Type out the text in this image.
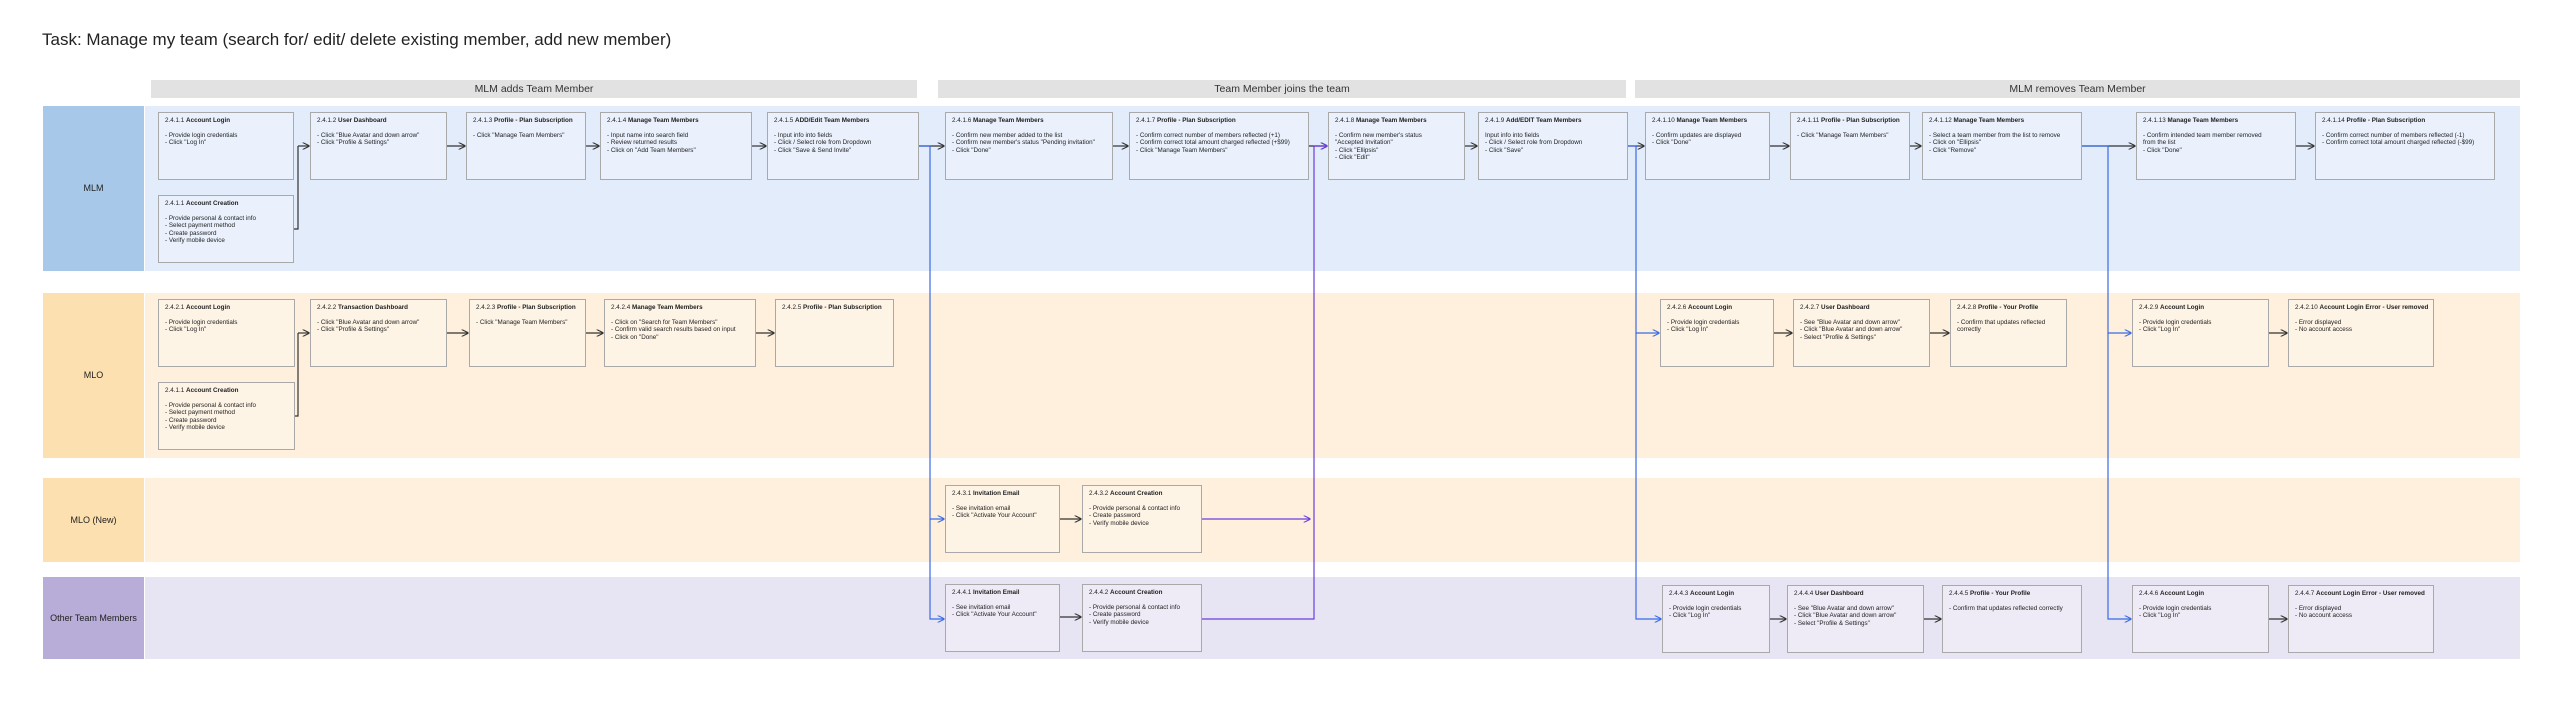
Task: Manage my team (search for/ edit/ delete existing member, add new member)
MLM adds Team Member	Team Member joins the team	MLM removes Team Member
MLM
MLO
MLO (New)
Other Team Members
2.4.1.1 Account Login
- Provide login credentials
- Click "Log In"
2.4.1.1 Account Creation
- Provide personal & contact info
- Select payment method
- Create password
- Verify mobile device
2.4.1.2 User Dashboard
- Click "Blue Avatar and down arrow"
- Click "Profile & Settings"
2.4.1.3 Profile - Plan Subscription
- Click "Manage Team Members"
2.4.1.4 Manage Team Members
- Input name into search field
- Review returned results
- Click on "Add Team Members"
2.4.1.5 ADD/Edit Team Members
- Input info into fields
- Click / Select role from Dropdown
- Click "Save & Send Invite"
2.4.1.6 Manage Team Members
- Confirm new member added to the list
- Confirm new member's status "Pending invitation"
- Click "Done"
2.4.1.7 Profile - Plan Subscription
- Confirm correct number of members reflected (+1)
- Confirm correct total amount charged reflected (+$99)
- Click "Manage Team Members"
2.4.1.8 Manage Team Members
- Confirm new member's status
"Accepted Invitation"
- Click "Ellipsis"
- Click "Edit"
2.4.1.9 Add/EDIT Team Members
Input info into fields
- Click / Select role from Dropdown
- Click "Save"
2.4.1.10 Manage Team Members
- Confirm updates are displayed
- Click "Done"
2.4.1.11 Profile - Plan Subscription
- Click "Manage Team Members"
2.4.1.12 Manage Team Members
- Select a team member from the list to remove
- Click on "Ellipsis"
- Click "Remove"
2.4.1.13 Manage Team Members
- Confirm intended team member removed
from the list
- Click "Done"
2.4.1.14 Profile - Plan Subscription
- Confirm correct number of members reflected (-1)
- Confirm correct total amount charged reflected (-$99)
2.4.2.1 Account Login
- Provide login credentials
- Click "Log In"
2.4.1.1 Account Creation
- Provide personal & contact info
- Select payment method
- Create password
- Verify mobile device
2.4.2.2 Transaction Dashboard
- Click "Blue Avatar and down arrow"
- Click "Profile & Settings"
2.4.2.3 Profile - Plan Subscription
- Click "Manage Team Members"
2.4.2.4 Manage Team Members
- Click on "Search for Team Members"
- Confirm valid search results based on input
- Click on "Done"
2.4.2.5 Profile - Plan Subscription	2.4.2.6 Account Login
- Provide login credentials
- Click "Log In"
2.4.2.7 User Dashboard
- See "Blue Avatar and down arrow"
- Click "Blue Avatar and down arrow"
- Select "Profile & Settings"
2.4.2.8 Profile - Your Profile
- Confirm that updates reflected
correctly
2.4.2.9 Account Login
- Provide login credentials
- Click "Log In"
2.4.2.10 Account Login Error - User removed
- Error displayed
- No account access
2.4.3.1 Invitation Email
- See invitation email
- Click "Activate Your Account"
2.4.3.2 Account Creation
- Provide personal & contact info
- Create password
- Verify mobile device
2.4.4.1 Invitation Email
- See invitation email
- Click "Activate Your Account"
2.4.4.2 Account Creation
- Provide personal & contact info
- Create password
- Verify mobile device
2.4.4.3 Account Login
- Provide login credentials
- Click "Log In"
2.4.4.4 User Dashboard
- See "Blue Avatar and down arrow"
- Click "Blue Avatar and down arrow"
- Select "Profile & Settings"
2.4.4.5 Profile - Your Profile
- Confirm that updates reflected correctly
2.4.4.6 Account Login
- Provide login credentials
- Click "Log In"
2.4.4.7 Account Login Error - User removed
- Error displayed
- No account access
